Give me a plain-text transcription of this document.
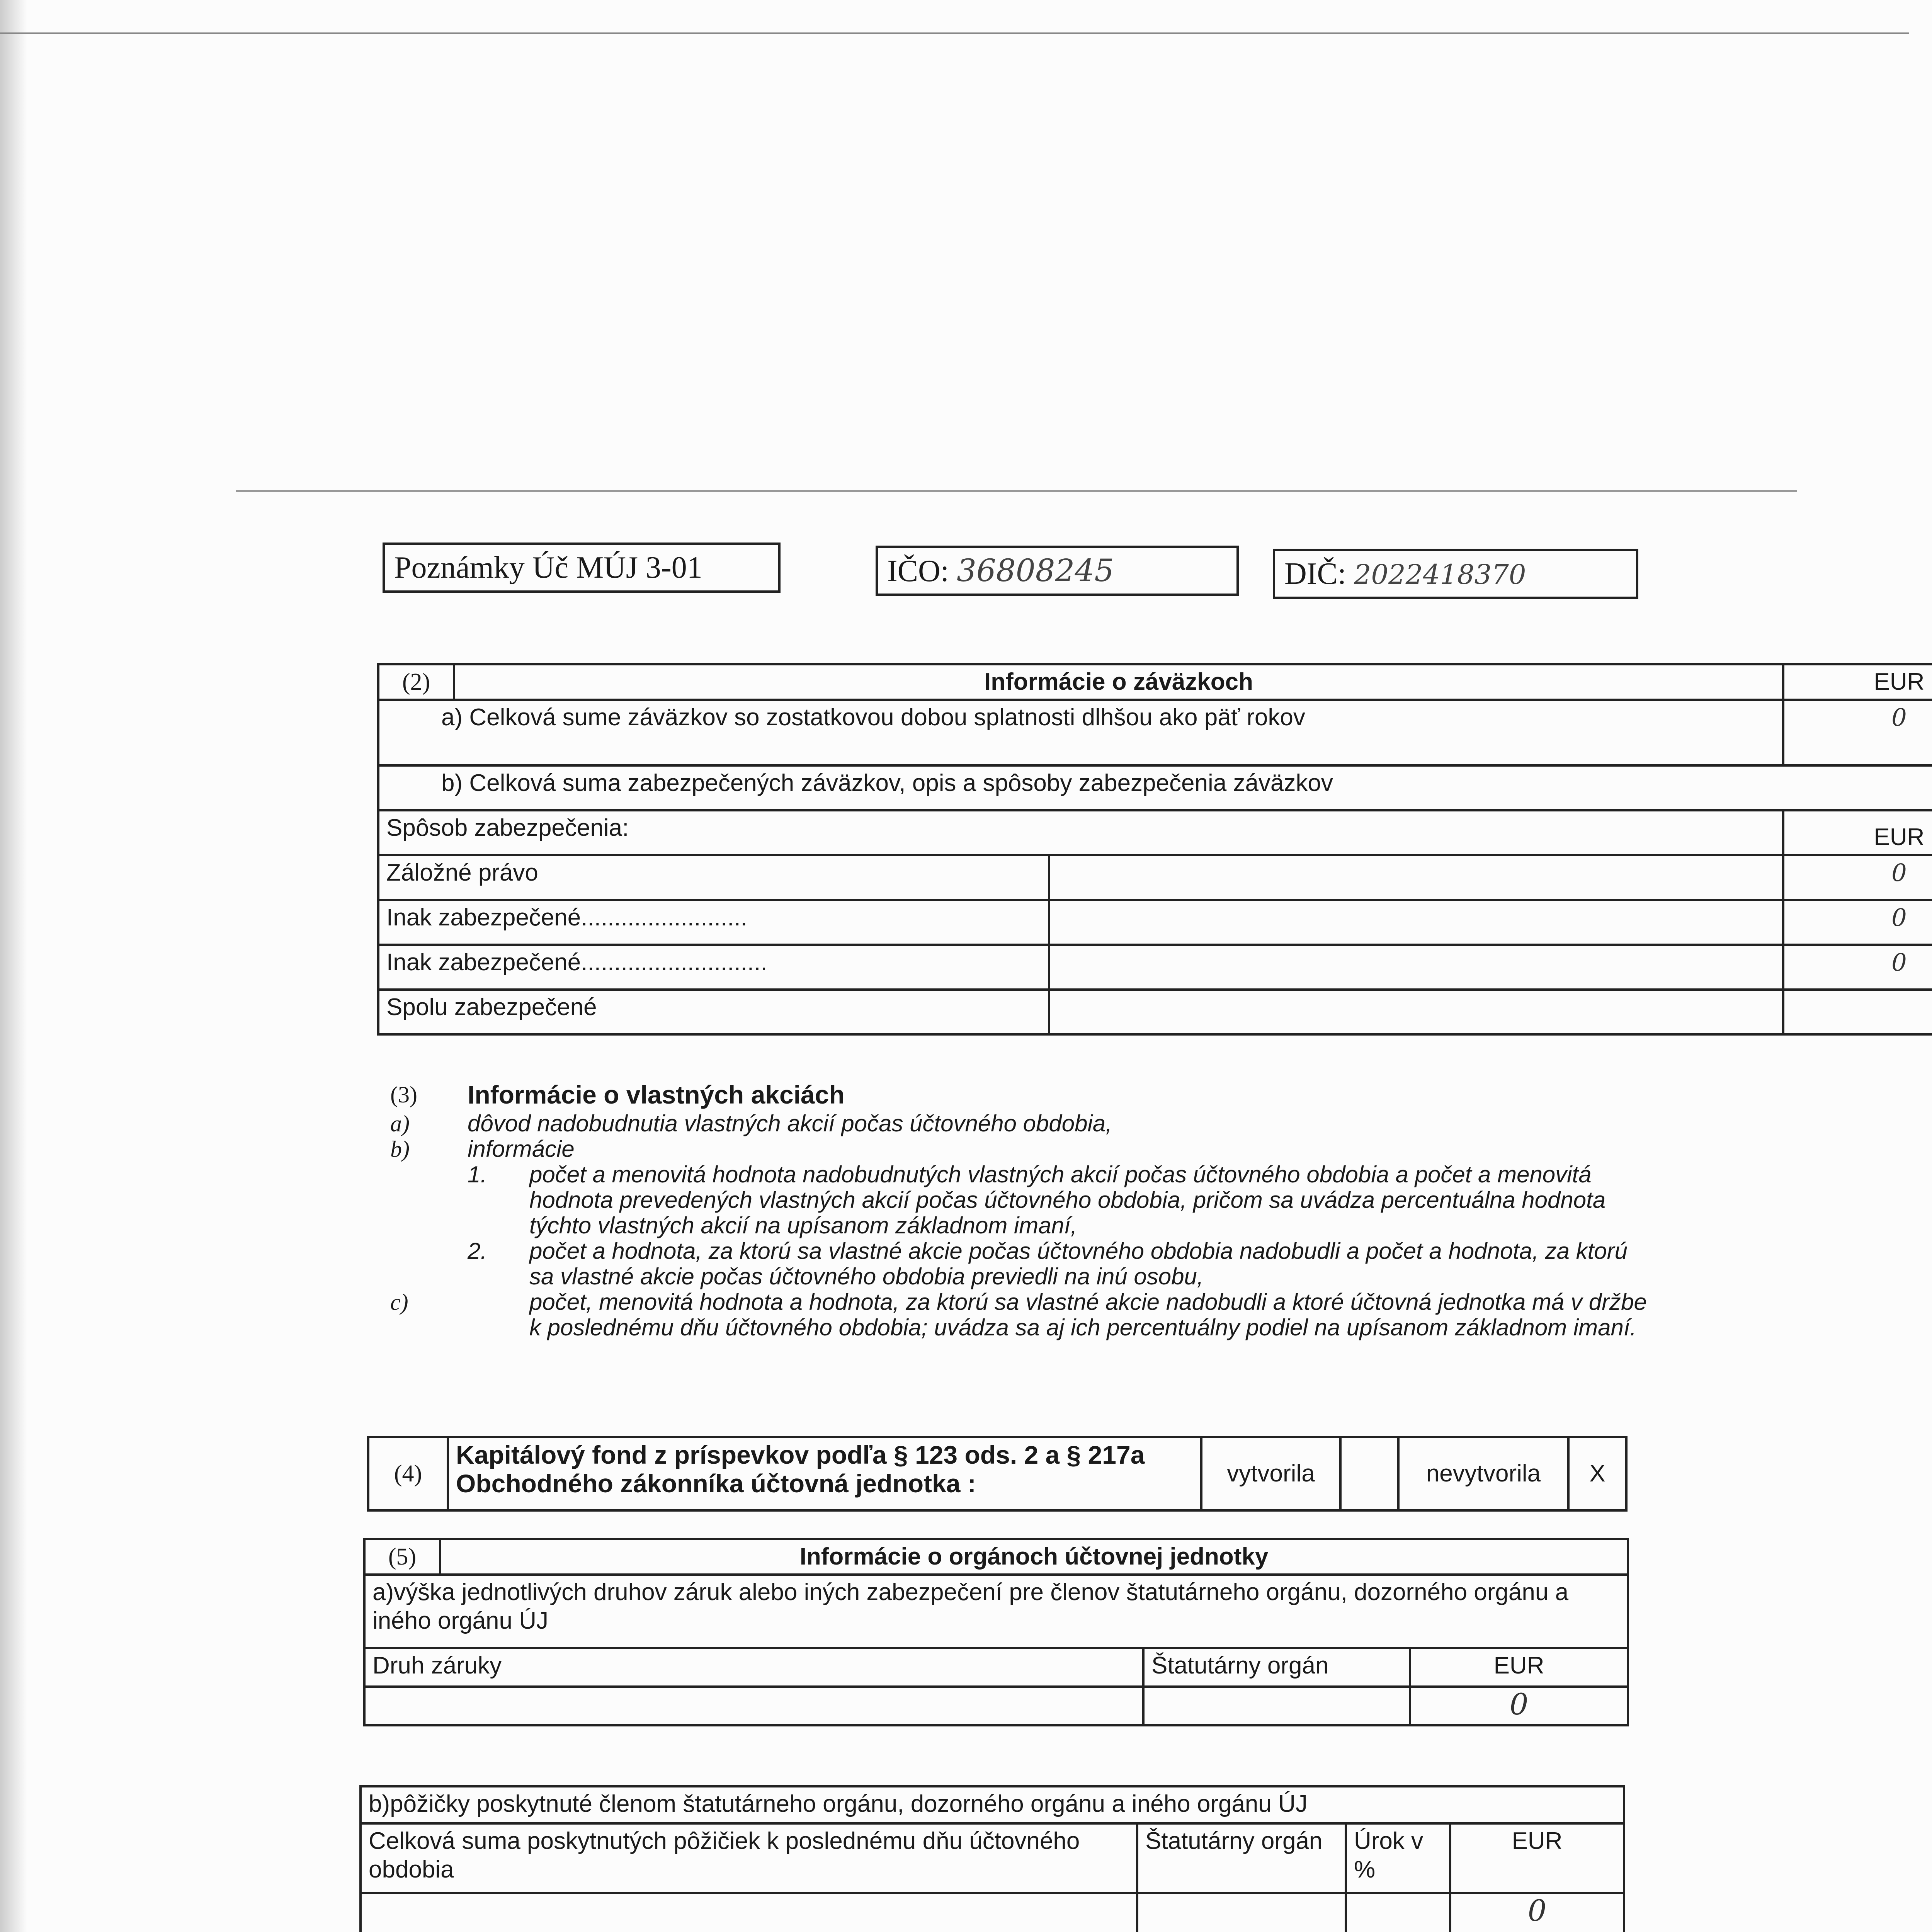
Poznámky Úč MÚJ 3-01	IČO: 36808245	DIČ: 2022418370
(2)	Informácie o záväzkoch		EUR
a) Celková sume záväzkov so zostatkovou dobou splatnosti dlhšou ako päť rokov			0
b) Celková suma zabezpečených záväzkov, opis a spôsoby zabezpečenia záväzkov			
Spôsob zabezpečenia:			EUR
Záložné právo			0
Inak zabezpečené.........................			0
Inak zabezpečené............................			0
Spolu zabezpečené			
(3) Informácie o vlastných akciách
a)	dôvod nadobudnutia vlastných akcií počas účtovného obdobia,
b)	informácie
1. počet a menovitá hodnota nadobudnutých vlastných akcií počas účtovného obdobia a počet a menovitá hodnota prevedených vlastných akcií počas účtovného obdobia, pričom sa uvádza percentuálna hodnota týchto vlastných akcií na upísanom základnom imaní,
2. počet a hodnota, za ktorú sa vlastné akcie počas účtovného obdobia nadobudli a počet a hodnota, za ktorú sa vlastné akcie počas účtovného obdobia previedli na inú osobu,
c)	počet, menovitá hodnota a hodnota, za ktorú sa vlastné akcie nadobudli a ktoré účtovná jednotka má v držbe k poslednému dňu účtovného obdobia; uvádza sa aj ich percentuálny podiel na upísanom základnom imaní.
(4)	Kapitálový fond z príspevkov podľa § 123 ods. 2 a § 217a Obchodného zákonníka účtovná jednotka :	vytvorila		nevytvorila	X
(5)	Informácie o orgánoch účtovnej jednotky		
a)výška jednotlivých druhov záruk alebo iných zabezpečení pre členov štatutárneho orgánu, dozorného orgánu a iného orgánu ÚJ			
Druh záruky		Štatutárny orgán	EUR
			0
b)pôžičky poskytnuté členom štatutárneho orgánu, dozorného orgánu a iného orgánu ÚJ			
Celková suma poskytnutých pôžičiek k poslednému dňu účtovného obdobia	Štatutárny orgán	Úrok v %	EUR
			0
